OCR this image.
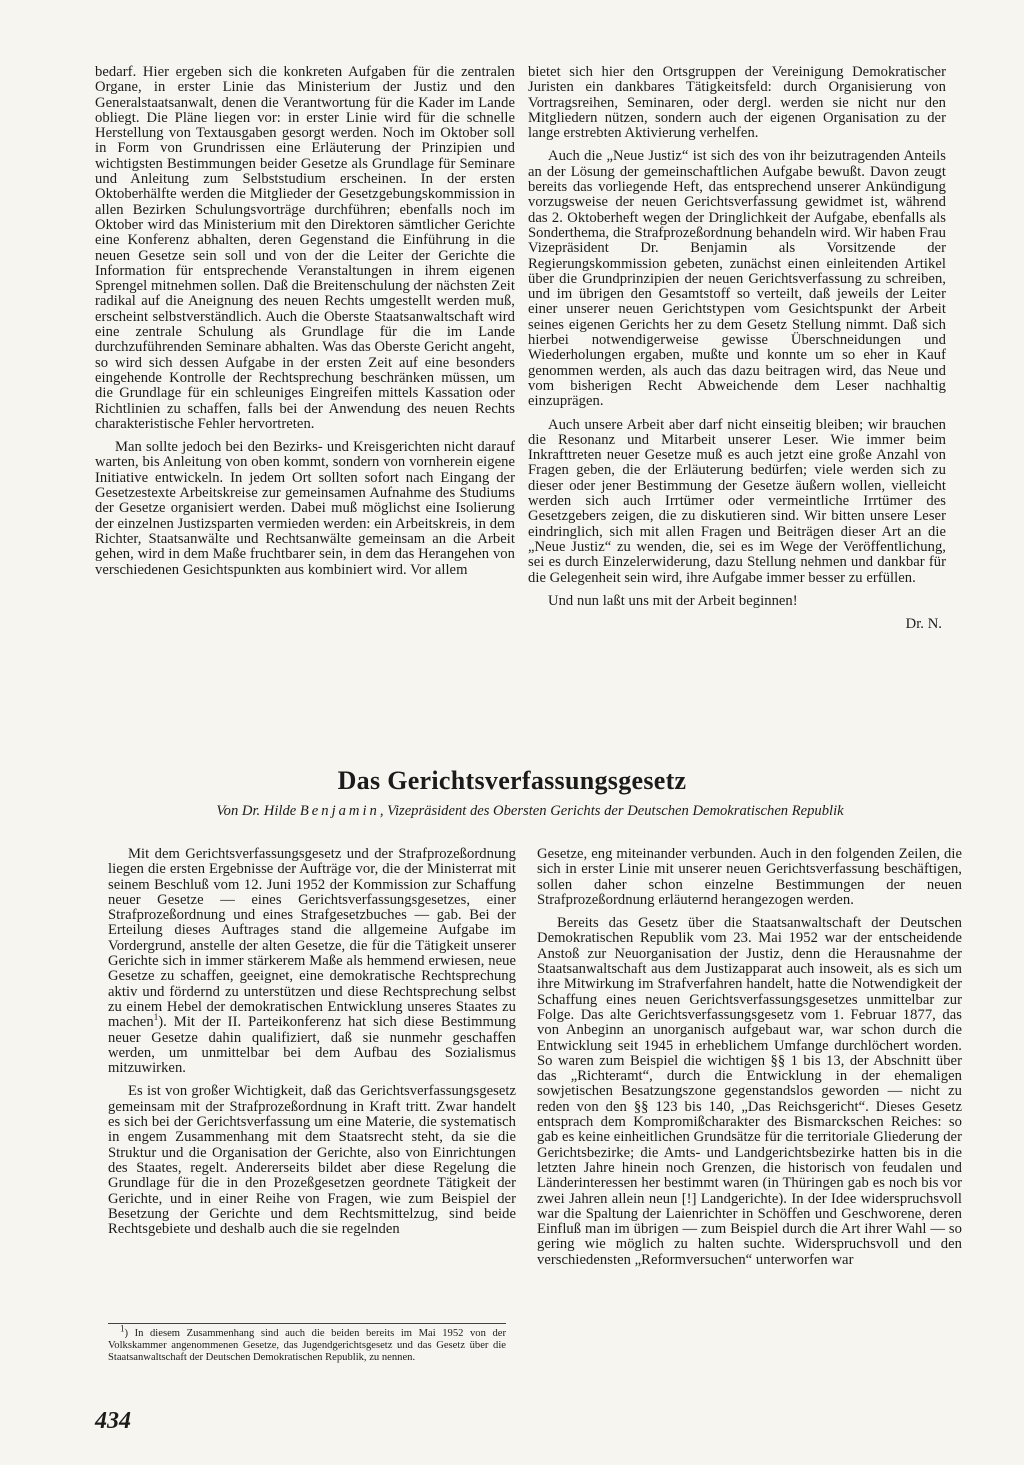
bedarf. Hier ergeben sich die konkreten Aufgaben für die zentralen Organe, in erster Linie das Ministerium der Justiz und den Generalstaatsanwalt, denen die Verantwortung für die Kader im Lande obliegt. Die Pläne liegen vor: in erster Linie wird für die schnelle Herstellung von Textausgaben gesorgt werden. Noch im Oktober soll in Form von Grundrissen eine Erläuterung der Prinzipien und wichtigsten Bestimmungen beider Gesetze als Grundlage für Seminare und Anleitung zum Selbststudium erscheinen. In der ersten Oktoberhälfte werden die Mitglieder der Gesetzgebungskommission in allen Bezirken Schulungsvorträge durchführen; ebenfalls noch im Oktober wird das Ministerium mit den Direktoren sämtlicher Gerichte eine Konferenz abhalten, deren Gegenstand die Einführung in die neuen Gesetze sein soll und von der die Leiter der Gerichte die Information für entsprechende Veranstaltungen in ihrem eigenen Sprengel mitnehmen sollen. Daß die Breitenschulung der nächsten Zeit radikal auf die Aneignung des neuen Rechts umgestellt werden muß, erscheint selbstverständlich. Auch die Oberste Staatsanwaltschaft wird eine zentrale Schulung als Grundlage für die im Lande durchzuführenden Seminare abhalten. Was das Oberste Gericht angeht, so wird sich dessen Aufgabe in der ersten Zeit auf eine besonders eingehende Kontrolle der Rechtsprechung beschränken müssen, um die Grundlage für ein schleuniges Eingreifen mittels Kassation oder Richtlinien zu schaffen, falls bei der Anwendung des neuen Rechts charakteristische Fehler hervortreten.

Man sollte jedoch bei den Bezirks- und Kreisgerichten nicht darauf warten, bis Anleitung von oben kommt, sondern von vornherein eigene Initiative entwickeln. In jedem Ort sollten sofort nach Eingang der Gesetzestexte Arbeitskreise zur gemeinsamen Aufnahme des Studiums der Gesetze organisiert werden. Dabei muß möglichst eine Isolierung der einzelnen Justizsparten vermieden werden: ein Arbeitskreis, in dem Richter, Staatsanwälte und Rechtsanwälte gemeinsam an die Arbeit gehen, wird in dem Maße fruchtbarer sein, in dem das Herangehen von verschiedenen Gesichtspunkten aus kombiniert wird. Vor allem

bietet sich hier den Ortsgruppen der Vereinigung Demokratischer Juristen ein dankbares Tätigkeitsfeld: durch Organisierung von Vortragsreihen, Seminaren, oder dergl. werden sie nicht nur den Mitgliedern nützen, sondern auch der eigenen Organisation zu der lange erstrebten Aktivierung verhelfen.

Auch die „Neue Justiz“ ist sich des von ihr beizutragenden Anteils an der Lösung der gemeinschaftlichen Aufgabe bewußt. Davon zeugt bereits das vorliegende Heft, das entsprechend unserer Ankündigung vorzugsweise der neuen Gerichtsverfassung gewidmet ist, während das 2. Oktoberheft wegen der Dringlichkeit der Aufgabe, ebenfalls als Sonderthema, die Strafprozeßordnung behandeln wird. Wir haben Frau Vizepräsident Dr. Benjamin als Vorsitzende der Regierungskommission gebeten, zunächst einen einleitenden Artikel über die Grundprinzipien der neuen Gerichtsverfassung zu schreiben, und im übrigen den Gesamtstoff so verteilt, daß jeweils der Leiter einer unserer neuen Gerichtstypen vom Gesichtspunkt der Arbeit seines eigenen Gerichts her zu dem Gesetz Stellung nimmt. Daß sich hierbei notwendigerweise gewisse Überschneidungen und Wiederholungen ergaben, mußte und konnte um so eher in Kauf genommen werden, als auch das dazu beitragen wird, das Neue und vom bisherigen Recht Abweichende dem Leser nachhaltig einzuprägen.

Auch unsere Arbeit aber darf nicht einseitig bleiben; wir brauchen die Resonanz und Mitarbeit unserer Leser. Wie immer beim Inkrafttreten neuer Gesetze muß es auch jetzt eine große Anzahl von Fragen geben, die der Erläuterung bedürfen; viele werden sich zu dieser oder jener Bestimmung der Gesetze äußern wollen, vielleicht werden sich auch Irrtümer oder vermeintliche Irrtümer des Gesetzgebers zeigen, die zu diskutieren sind. Wir bitten unsere Leser eindringlich, sich mit allen Fragen und Beiträgen dieser Art an die „Neue Justiz“ zu wenden, die, sei es im Wege der Veröffentlichung, sei es durch Einzelerwiderung, dazu Stellung nehmen und dankbar für die Gelegenheit sein wird, ihre Aufgabe immer besser zu erfüllen.

Und nun laßt uns mit der Arbeit beginnen!

Dr. N.

Das Gerichtsverfassungsgesetz
Von Dr. Hilde Benjamin, Vizepräsident des Obersten Gerichts der Deutschen Demokratischen Republik

Mit dem Gerichtsverfassungsgesetz und der Strafprozeßordnung liegen die ersten Ergebnisse der Aufträge vor, die der Ministerrat mit seinem Beschluß vom 12. Juni 1952 der Kommission zur Schaffung neuer Gesetze — eines Gerichtsverfassungsgesetzes, einer Strafprozeßordnung und eines Strafgesetzbuches — gab. Bei der Erteilung dieses Auftrages stand die allgemeine Aufgabe im Vordergrund, anstelle der alten Gesetze, die für die Tätigkeit unserer Gerichte sich in immer stärkerem Maße als hemmend erwiesen, neue Gesetze zu schaffen, geeignet, eine demokratische Rechtsprechung aktiv und fördernd zu unterstützen und diese Rechtsprechung selbst zu einem Hebel der demokratischen Entwicklung unseres Staates zu machen$^1$). Mit der II. Parteikonferenz hat sich diese Bestimmung neuer Gesetze dahin qualifiziert, daß sie nunmehr geschaffen werden, um unmittelbar bei dem Aufbau des Sozialismus mitzuwirken.

Es ist von großer Wichtigkeit, daß das Gerichtsverfassungsgesetz gemeinsam mit der Strafprozeßordnung in Kraft tritt. Zwar handelt es sich bei der Gerichtsverfassung um eine Materie, die systematisch in engem Zusammenhang mit dem Staatsrecht steht, da sie die Struktur und die Organisation der Gerichte, also von Einrichtungen des Staates, regelt. Andererseits bildet aber diese Regelung die Grundlage für die in den Prozeßgesetzen geordnete Tätigkeit der Gerichte, und in einer Reihe von Fragen, wie zum Beispiel der Besetzung der Gerichte und dem Rechtsmittelzug, sind beide Rechtsgebiete und deshalb auch die sie regelnden

$^1$) In diesem Zusammenhang sind auch die beiden bereits im Mai 1952 von der Volkskammer angenommenen Gesetze, das Jugendgerichtsgesetz und das Gesetz über die Staatsanwaltschaft der Deutschen Demokratischen Republik, zu nennen.

Gesetze, eng miteinander verbunden. Auch in den folgenden Zeilen, die sich in erster Linie mit unserer neuen Gerichtsverfassung beschäftigen, sollen daher schon einzelne Bestimmungen der neuen Strafprozeßordnung erläuternd herangezogen werden.

Bereits das Gesetz über die Staatsanwaltschaft der Deutschen Demokratischen Republik vom 23. Mai 1952 war der entscheidende Anstoß zur Neuorganisation der Justiz, denn die Herausnahme der Staatsanwaltschaft aus dem Justizapparat auch insoweit, als es sich um ihre Mitwirkung im Strafverfahren handelt, hatte die Notwendigkeit der Schaffung eines neuen Gerichtsverfassungsgesetzes unmittelbar zur Folge. Das alte Gerichtsverfassungsgesetz vom 1. Februar 1877, das von Anbeginn an unorganisch aufgebaut war, war schon durch die Entwicklung seit 1945 in erheblichem Umfange durchlöchert worden. So waren zum Beispiel die wichtigen §§ 1 bis 13, der Abschnitt über das „Richteramt“, durch die Entwicklung in der ehemaligen sowjetischen Besatzungszone gegenstandslos geworden — nicht zu reden von den §§ 123 bis 140, „Das Reichsgericht“. Dieses Gesetz entsprach dem Kompromißcharakter des Bismarckschen Reiches: so gab es keine einheitlichen Grundsätze für die territoriale Gliederung der Gerichtsbezirke; die Amts- und Landgerichtsbezirke hatten bis in die letzten Jahre hinein noch Grenzen, die historisch von feudalen und Länderinteressen her bestimmt waren (in Thüringen gab es noch bis vor zwei Jahren allein neun [!] Landgerichte). In der Idee widerspruchsvoll war die Spaltung der Laienrichter in Schöffen und Geschworene, deren Einfluß man im übrigen — zum Beispiel durch die Art ihrer Wahl — so gering wie möglich zu halten suchte. Widerspruchsvoll und den verschiedensten „Reformversuchen“ unterworfen war

434
